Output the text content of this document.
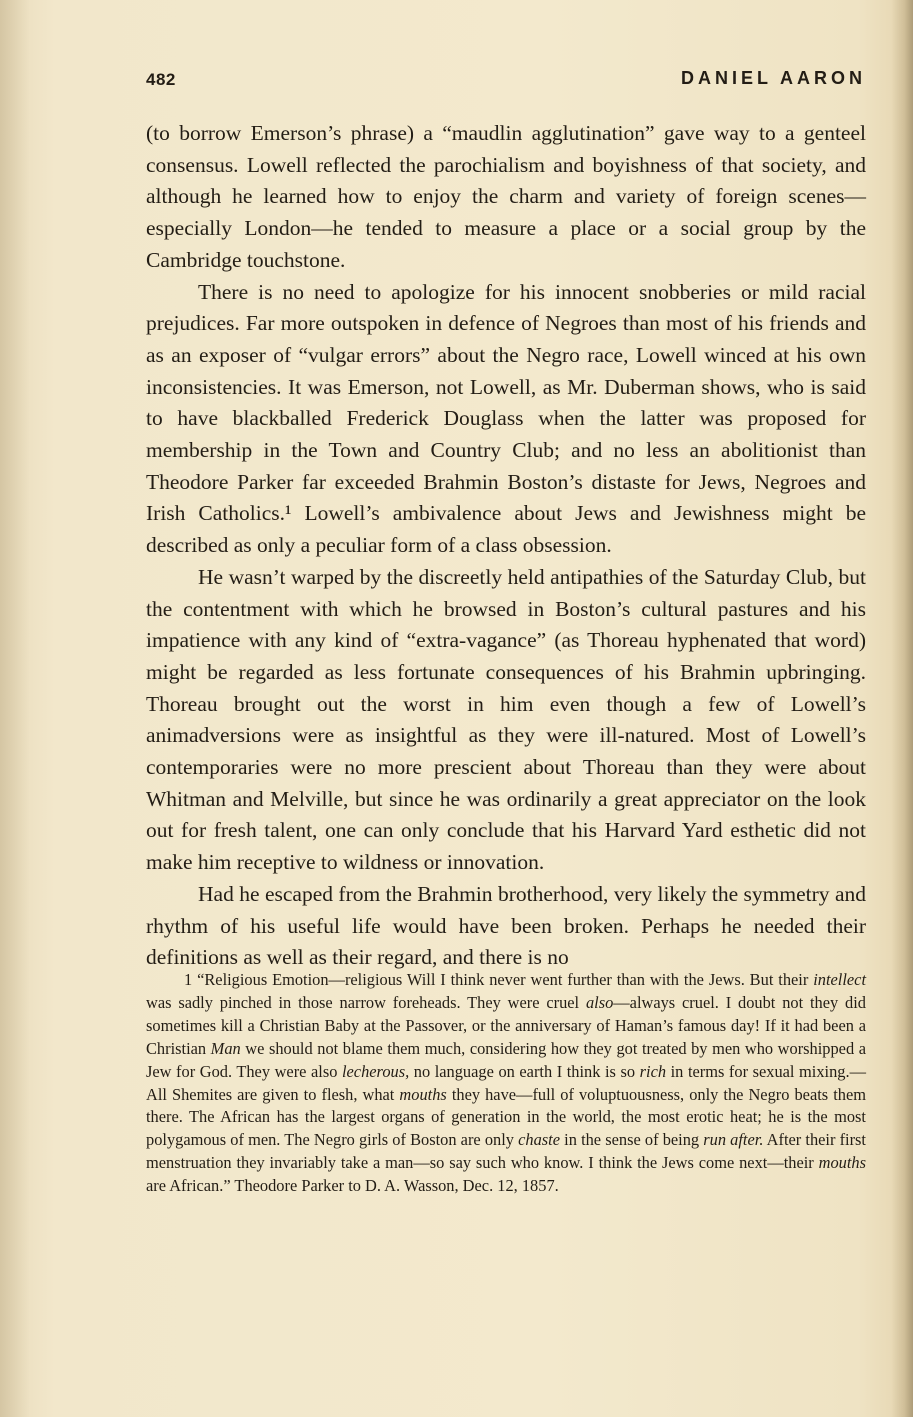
482	DANIEL AARON

(to borrow Emerson’s phrase) a “maudlin agglutination” gave way to a genteel consensus. Lowell reflected the parochialism and boyishness of that society, and although he learned how to enjoy the charm and variety of foreign scenes—especially London—he tended to measure a place or a social group by the Cambridge touchstone.

There is no need to apologize for his innocent snobberies or mild racial prejudices. Far more outspoken in defence of Negroes than most of his friends and as an exposer of “vulgar errors” about the Negro race, Lowell winced at his own inconsistencies. It was Emerson, not Lowell, as Mr. Duberman shows, who is said to have blackballed Frederick Douglass when the latter was proposed for membership in the Town and Country Club; and no less an abolitionist than Theodore Parker far exceeded Brahmin Boston’s distaste for Jews, Negroes and Irish Catholics.¹ Lowell’s ambivalence about Jews and Jewishness might be described as only a peculiar form of a class obsession.

He wasn’t warped by the discreetly held antipathies of the Saturday Club, but the contentment with which he browsed in Boston’s cultural pastures and his impatience with any kind of “extra-vagance” (as Thoreau hyphenated that word) might be regarded as less fortunate consequences of his Brahmin upbringing. Thoreau brought out the worst in him even though a few of Lowell’s animadversions were as insightful as they were ill-natured. Most of Lowell’s contemporaries were no more prescient about Thoreau than they were about Whitman and Melville, but since he was ordinarily a great appreciator on the look out for fresh talent, one can only conclude that his Harvard Yard esthetic did not make him receptive to wildness or innovation.

Had he escaped from the Brahmin brotherhood, very likely the symmetry and rhythm of his useful life would have been broken. Perhaps he needed their definitions as well as their regard, and there is no

1 “Religious Emotion—religious Will I think never went further than with the Jews. But their intellect was sadly pinched in those narrow foreheads. They were cruel also—always cruel. I doubt not they did sometimes kill a Christian Baby at the Passover, or the anniversary of Haman’s famous day! If it had been a Christian Man we should not blame them much, considering how they got treated by men who worshipped a Jew for God. They were also lecherous, no language on earth I think is so rich in terms for sexual mixing.—All Shemites are given to flesh, what mouths they have—full of voluptuousness, only the Negro beats them there. The African has the largest organs of generation in the world, the most erotic heat; he is the most polygamous of men. The Negro girls of Boston are only chaste in the sense of being run after. After their first menstruation they invariably take a man—so say such who know. I think the Jews come next—their mouths are African.” Theodore Parker to D. A. Wasson, Dec. 12, 1857.
